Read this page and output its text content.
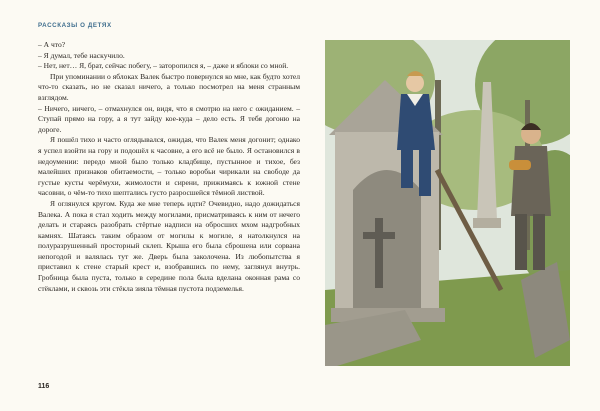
РАССКАЗЫ О ДЕТЯХ

– А что?

– Я думал, тебе наскучило.

– Нет, нет… Я, брат, сейчас побегу, – заторопился я, – даже и яблоки со мной.

При упоминании о яблоках Валек быстро повернулся ко мне, как будто хотел что-то сказать, но не сказал ничего, а только посмотрел на меня странным взглядом.

– Ничего, ничего, – отмахнулся он, видя, что я смотрю на него с ожиданием. – Ступай прямо на гору, а я тут зайду кое-куда – дело есть. Я тебя догоню на дороге.

Я пошёл тихо и часто оглядывался, ожидая, что Валек меня догонит; однако я успел взойти на гору и подошёл к часовне, а его всё не было. Я остановился в недоумении: передо мной было только кладбище, пустынное и тихое, без малейших признаков обитаемости, – только воробьи чирикали на свободе да густые кусты черёмухи, жимолости и сирени, прижимаясь к южной стене часовни, о чём-то тихо шептались густо разросшейся тёмной листвой.

Я оглянулся кругом. Куда же мне теперь идти? Очевидно, надо дожидаться Валека. А пока я стал ходить между могилами, присматриваясь к ним от нечего делать и стараясь разобрать стёртые надписи на обросших мхом надгробных камнях. Шатаясь таким образом от могилы к могиле, я натолкнулся на полуразрушенный просторный склеп. Крыша его была сброшена или сорвана непогодой и валялась тут же. Дверь была заколочена. Из любопытства я приставил к стене старый крест и, взобравшись по нему, заглянул внутрь. Гробница была пуста, только в середине пола была вделана оконная рама со стёклами, и сквозь эти стёкла зияла тёмная пустота подземелья.

116
